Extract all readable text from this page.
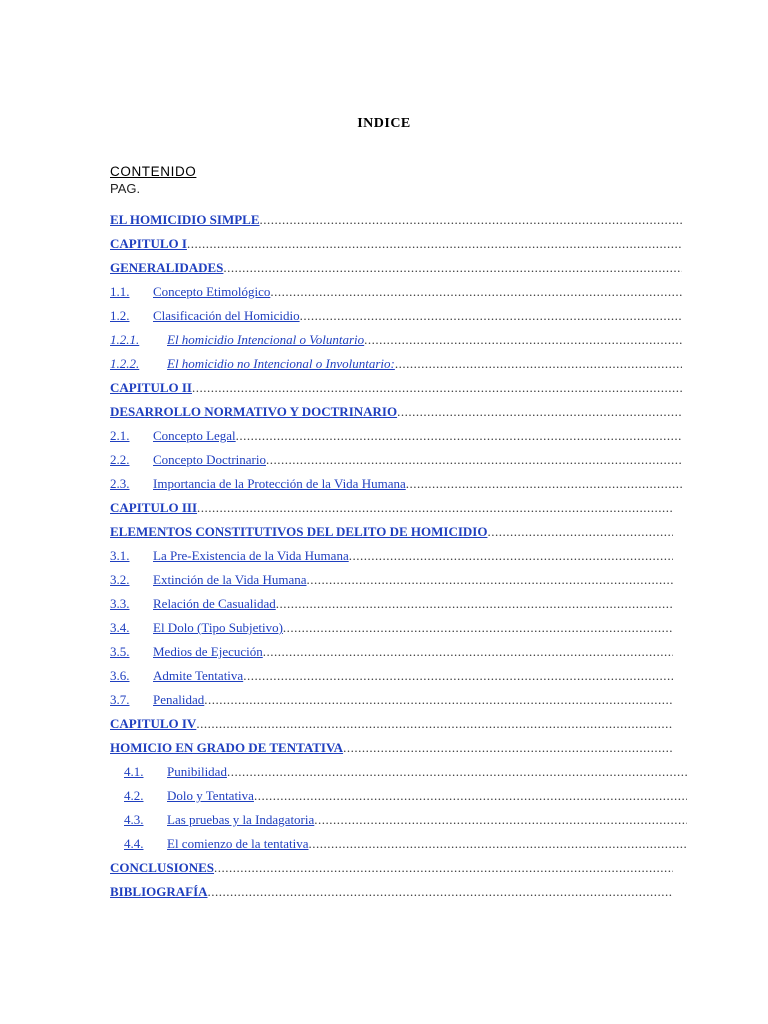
INDICE
CONTENIDO
PAG.
EL HOMICIDIO SIMPLE
.....
CAPITULO I
.....
GENERALIDADES
.....
1.1.	Concepto Etimológico
.....
1.2.	Clasificación del Homicidio
.....
1.2.1.	El homicidio Intencional o Voluntario
.....
1.2.2.	El homicidio no Intencional o Involuntario:
.....
CAPITULO II
.....
DESARROLLO NORMATIVO Y DOCTRINARIO
.....
2.1.	Concepto Legal
.....
2.2.	Concepto Doctrinario
.....
2.3.	Importancia de la Protección de la Vida Humana
.....
CAPITULO III
.....
ELEMENTOS CONSTITUTIVOS DEL DELITO DE HOMICIDIO
.....
3.1.	La Pre-Existencia de la Vida Humana
.....
3.2.	Extinción de la Vida Humana
.....
3.3.	Relación de Casualidad
.....
3.4.	El Dolo (Tipo Subjetivo)
.....
3.5.	Medios de Ejecución
.....
3.6.	Admite Tentativa
.....
3.7.	Penalidad
.....
CAPITULO IV
.....
HOMICIO EN GRADO DE TENTATIVA
.....
4.1.	Punibilidad
.....
4.2.	Dolo y Tentativa
.....
4.3.	Las pruebas y la Indagatoria
.....
4.4.	El comienzo de la tentativa
.....
CONCLUSIONES
.....
BIBLIOGRAFÍA
.....
